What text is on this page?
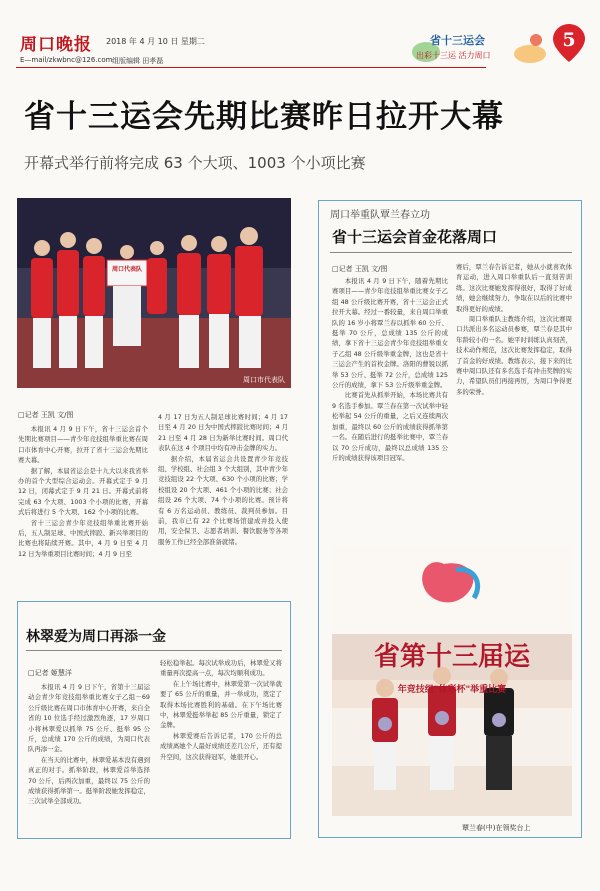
周口晚报 2018 年 4 月 10 日 星期二
E—mail/zkwbnc@126.com 组版编辑 田孝磊
省十三运会
出彩十三运 活力周口
5
省十三运会先期比赛昨日拉开大幕
开幕式举行前将完成 63 个大项、1003 个小项比赛
周口代表队
周口市代表队
□记者 王凯 文/图

本报讯 4 月 9 日下午，省十三运会首个先期比赛项目——青少年竞技组举重比赛在周口市体育中心开赛，拉开了省十三运会先期比赛大幕。

据了解，本届省运会是十九大以来我省举办的首个大型综合运动会。开幕式定于 9 月 12 日，闭幕式定于 9 月 21 日。开幕式前将完成 63 个大项、1003 个小项的比赛，开幕式后将进行 5 个大项、162 个小项的比赛。

省十三运会青少年竞技组举重比赛开始后，五人制足球、中国式摔跤、新兴举项目的比赛也将陆续开赛。其中，4 月 9 日至 4 月 12 日为举重项目比赛时间；4 月 9 日至

4 月 17 日为五人制足球比赛时间；4 月 17 日至 4 月 20 日为中国式摔跤比赛时间；4 月 21 日至 4 月 28 日为新举比赛时间。周口代表队在这 4 个项目中均有冲击金牌的实力。

据介绍，本届省运会共设置青少年竞技组、学校组、社会组 3 个大组别，其中青少年竞技组设 22 个大项、630 个小项的比赛；学校组设 20 个大项、461 个小项的比赛；社会组设 26 个大项、74 个小项的比赛。预计将有 6 万名运动员、教练员、裁判员参加。目前，我市已有 22 个比赛场馆建成并投入使用，安全保卫、志愿者培训、餐饮服务等各项服务工作已经全部准备就绪。

周口举重队覃兰春立功
省十三运会首金花落周口
□记者 王凯 文/图

本报讯 4 月 9 日下午，随着先期比赛项目——青少年竞技组举重比赛女子乙组 48 公斤级比赛开赛，省十三运会正式拉开大幕。经过一番较量，来自周口举重队的 16 岁小将覃兰春以抓举 60 公斤、挺举 70 公斤，总成绩 135 公斤的成绩，拿下省十三运会青少年竞技组举重女子乙组 48 公斤级举重金牌，这也是省十三运会产生的首枚金牌。洛阳的曹锐以抓举 53 公斤、挺举 72 公斤，总成绩 125 公斤的成绩，拿下 53 公斤级举重金牌。

比赛首先从抓举开始，本场比赛共有 9 名选手参加。覃兰春在第一次试举中轻松举起 54 公斤的重量，之后又连续两次加重，最终以 60 公斤的成绩获得抓举第一名。在随后进行的挺举比赛中，覃兰春以 70 公斤成功，最终以总成绩 135 公斤的成绩获得该项目冠军。

赛后，覃兰春告诉记者，她从小就喜欢体育运动，进入周口举重队后一直刻苦训练。这次比赛她发挥得很好，取得了好成绩，她会继续努力，争取在以后的比赛中取得更好的成绩。

周口举重队主教练介绍，这次比赛周口共派出多名运动员参赛，覃兰春是其中年龄较小的一名。她平时训练认真刻苦，技术动作规范，这次比赛发挥稳定，取得了首金的好成绩。教练表示，接下来的比赛中周口队还有多名选手有冲击奖牌的实力，希望队员们再接再厉，为周口争得更多的荣誉。

省第十三届运
年竞技组"体彩杯"举重比赛
覃兰春(中)在领奖台上
林翠爱为周口再添一金
□记者 姬慧洋

本报讯 4 月 9 日下午，省第十三届运动会青少年竞技组举重比赛女子乙组－69 公斤级比赛在周口市体育中心开赛，来自全省的 10 位选手经过激烈角逐，17 岁周口小将林翠爱以抓举 75 公斤、挺举 95 公斤，总成绩 170 公斤的成绩，为周口代表队再添一金。

在当天的比赛中，林翠爱基本没有遇到真正的对手。抓举阶段，林翠爱首举选择 70 公斤，后两次加重，最终以 75 公斤的成绩获得抓举第一。挺举阶段她发挥稳定，三次试举全部成功。

轻松稳举起。每次试举成功后，林翠爱又将重量再次提高一点，每次均顺利成功。

在上午场比赛中，林翠爱第一次试举就要了 65 公斤的重量，并一举成功，奠定了取得本场比赛胜利的基础。在下午场比赛中，林翠爱挺举举起 85 公斤重量，锁定了金牌。

林翠爱赛后告诉记者，170 公斤的总成绩离她个人最好成绩还差几公斤，还有提升空间，这次获得冠军，她很开心。
